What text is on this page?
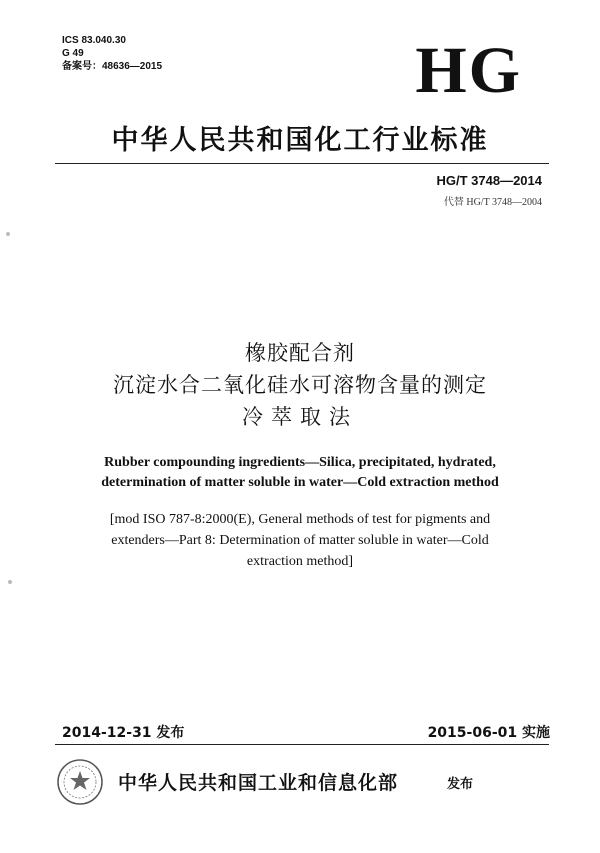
ICS 83.040.30
G 49
备案号：48636—2015	HG
中华人民共和国化工行业标准
HG/T 3748—2014
代替 HG/T 3748—2004
橡胶配合剂
沉淀水合二氧化硅水可溶物含量的测定
冷萃取法
Rubber compounding ingredients—Silica, precipitated, hydrated,
determination of matter soluble in water—Cold extraction method
[mod ISO 787-8:2000(E), General methods of test for pigments and
extenders—Part 8: Determination of matter soluble in water—Cold
extraction method]
2014-12-31 发布	2015-06-01 实施
中华人民共和国工业和信息化部	发布
